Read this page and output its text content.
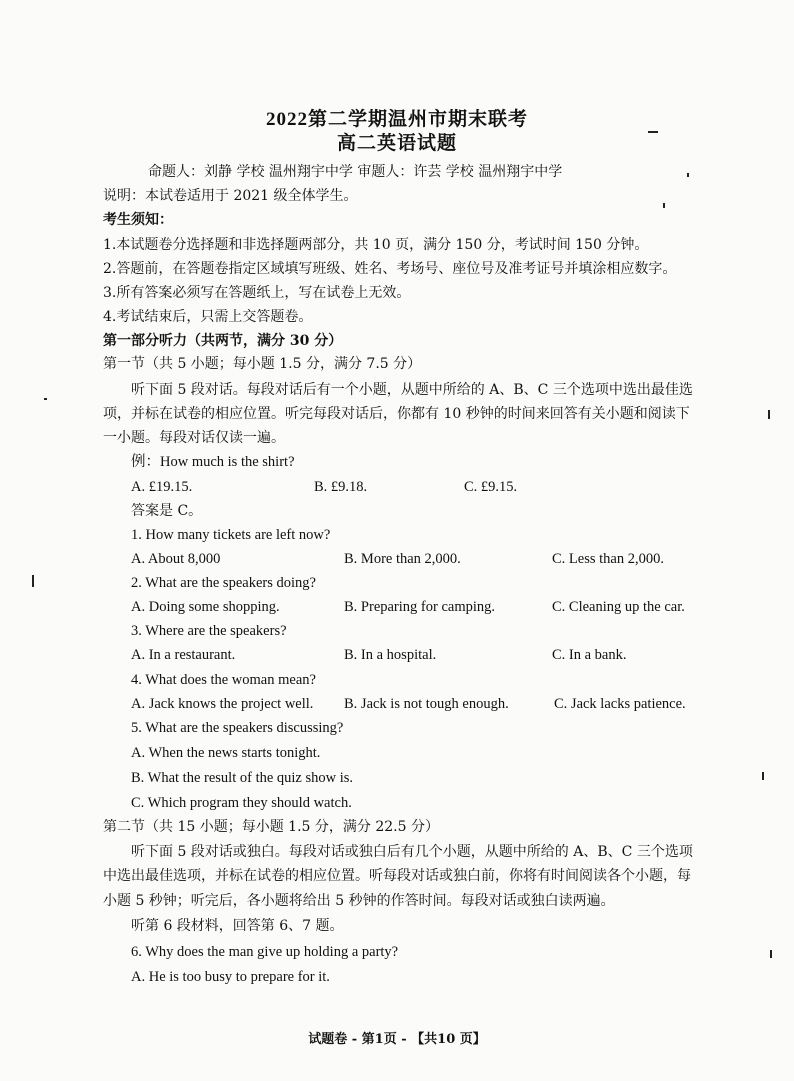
2022第二学期温州市期末联考
高二英语试题
命题人：刘静 学校 温州翔宇中学 审题人：许芸 学校 温州翔宇中学
说明：本试卷适用于 2021 级全体学生。
考生须知：
1.本试题卷分选择题和非选择题两部分，共 10 页，满分 150 分，考试时间 150 分钟。
2.答题前，在答题卷指定区域填写班级、姓名、考场号、座位号及准考证号并填涂相应数字。
3.所有答案必须写在答题纸上，写在试卷上无效。
4.考试结束后，只需上交答题卷。
第一部分听力（共两节，满分 30 分）
第一节（共 5 小题；每小题 1.5 分，满分 7.5 分）
听下面 5 段对话。每段对话后有一个小题，从题中所给的 A、B、C 三个选项中选出最佳选
项，并标在试卷的相应位置。听完每段对话后，你都有 10 秒钟的时间来回答有关小题和阅读下
一小题。每段对话仅读一遍。
例：How much is the shirt?
A. £19.15.	B. £9.18.	C. £9.15.
答案是 C。
1. How many tickets are left now?
A. About 8,000	B. More than 2,000.	C. Less than 2,000.
2. What are the speakers doing?
A. Doing some shopping.	B. Preparing for camping.	C. Cleaning up the car.
3. Where are the speakers?
A. In a restaurant.	B. In a hospital.	C. In a bank.
4. What does the woman mean?
A. Jack knows the project well. B. Jack is not tough enough.	C. Jack lacks patience.
5. What are the speakers discussing?
A. When the news starts tonight.
B. What the result of the quiz show is.
C. Which program they should watch.
第二节（共 15 小题；每小题 1.5 分，满分 22.5 分）
听下面 5 段对话或独白。每段对话或独白后有几个小题，从题中所给的 A、B、C 三个选项
中选出最佳选项，并标在试卷的相应位置。听每段对话或独白前，你将有时间阅读各个小题，每
小题 5 秒钟；听完后，各小题将给出 5 秒钟的作答时间。每段对话或独白读两遍。
听第 6 段材料，回答第 6、7 题。
6. Why does the man give up holding a party?
A. He is too busy to prepare for it.
试题卷 - 第1页 - 【共10 页】
